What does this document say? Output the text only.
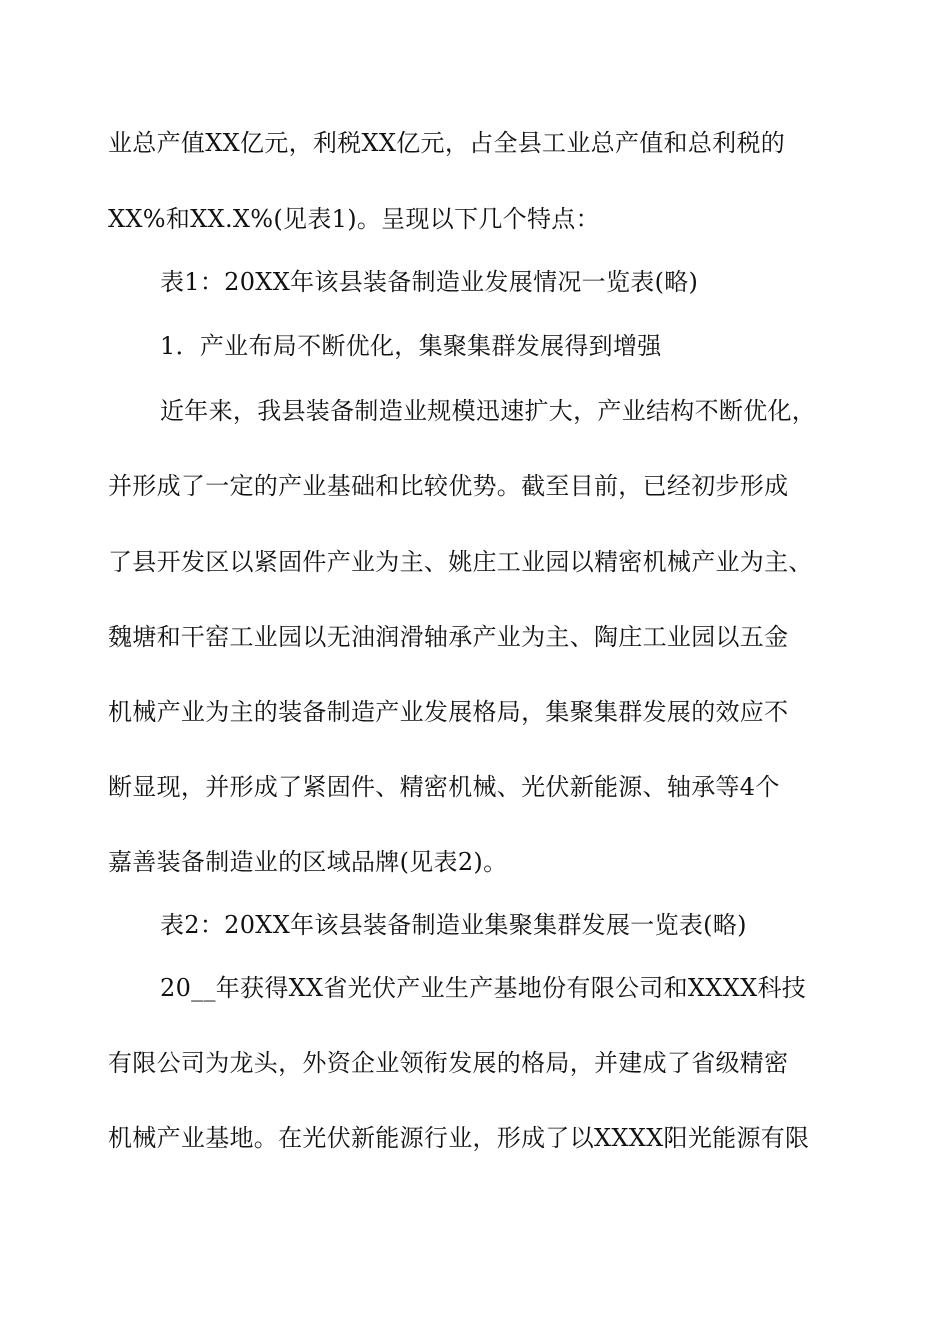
业总产值XX亿元，利税XX亿元，占全县工业总产值和总利税的
XX%和XX.X%(见表1)。呈现以下几个特点：
表1：20XX年该县装备制造业发展情况一览表(略)
1．产业布局不断优化，集聚集群发展得到增强
近年来，我县装备制造业规模迅速扩大，产业结构不断优化，
并形成了一定的产业基础和比较优势。截至目前，已经初步形成
了县开发区以紧固件产业为主、姚庄工业园以精密机械产业为主、
魏塘和干窑工业园以无油润滑轴承产业为主、陶庄工业园以五金
机械产业为主的装备制造产业发展格局，集聚集群发展的效应不
断显现，并形成了紧固件、精密机械、光伏新能源、轴承等4个
嘉善装备制造业的区域品牌(见表2)。
表2：20XX年该县装备制造业集聚集群发展一览表(略)
20__年获得XX省光伏产业生产基地份有限公司和XXXX科技
有限公司为龙头，外资企业领衔发展的格局，并建成了省级精密
机械产业基地。在光伏新能源行业，形成了以XXXX阳光能源有限
